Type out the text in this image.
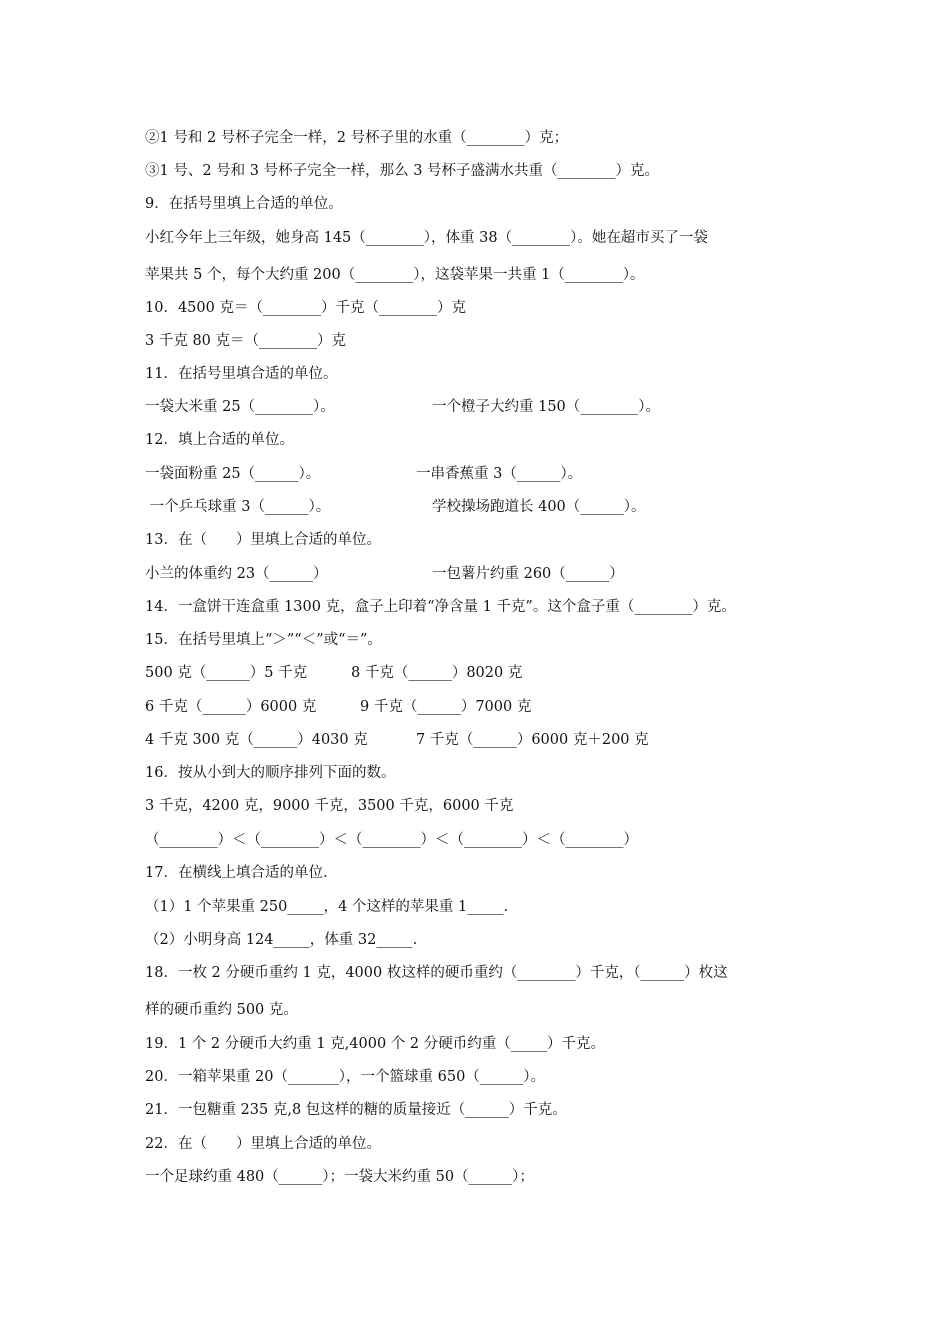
②1 号和 2 号杯子完全一样，2 号杯子里的水重（________）克；
③1 号、2 号和 3 号杯子完全一样，那么 3 号杯子盛满水共重（________）克。
9．在括号里填上合适的单位。
小红今年上三年级，她身高 145（________），体重 38（________）。她在超市买了一袋
苹果共 5 个，每个大约重 200（________），这袋苹果一共重 1（________）。
10．4500 克＝（________）千克（________）克
3 千克 80 克＝（________）克
11．在括号里填合适的单位。
一袋大米重 25（________）。	一个橙子大约重 150（________）。
12．填上合适的单位。
一袋面粉重 25（______）。	一串香蕉重 3（______）。
一个乒乓球重 3（______）。	学校操场跑道长 400（______）。
13．在（　　）里填上合适的单位。
小兰的体重约 23（______）	一包薯片约重 260（______）
14．一盒饼干连盒重 1300 克，盒子上印着“净含量 1 千克”。这个盒子重（________）克。
15．在括号里填上“＞”“＜”或“＝”。
500 克（______）5 千克	8 千克（______）8020 克
6 千克（______）6000 克	9 千克（______）7000 克
4 千克 300 克（______）4030 克	7 千克（______）6000 克＋200 克
16．按从小到大的顺序排列下面的数。
3 千克，4200 克，9000 千克，3500 千克，6000 千克
（________）＜（________）＜（________）＜（________）＜（________）
17．在横线上填合适的单位.
（1）1 个苹果重 250_____，4 个这样的苹果重 1_____.
（2）小明身高 124_____，体重 32_____.
18．一枚 2 分硬币重约 1 克，4000 枚这样的硬币重约（________）千克，（______）枚这
样的硬币重约 500 克。
19．1 个 2 分硬币大约重 1 克,4000 个 2 分硬币约重（_____）千克。
20．一箱苹果重 20（_______），一个篮球重 650（______）。
21．一包糖重 235 克,8 包这样的糖的质量接近（______）千克。
22．在（　　）里填上合适的单位。
一个足球约重 480（______）；一袋大米约重 50（______）；
